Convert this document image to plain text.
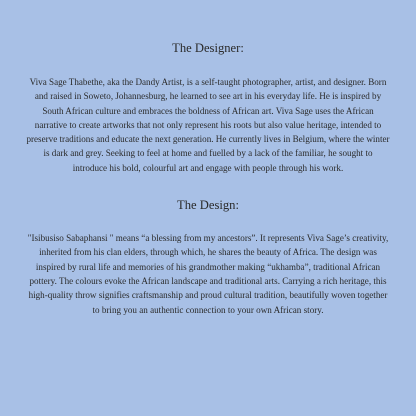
The Designer:

Viva Sage Thabethe, aka the Dandy Artist, is a self-taught photographer, artist, and designer. Born and raised in Soweto, Johannesburg, he learned to see art in his everyday life. He is inspired by South African culture and embraces the boldness of African art. Viva Sage uses the African narrative to create artworks that not only represent his roots but also value heritage, intended to preserve traditions and educate the next generation. He currently lives in Belgium, where the winter is dark and grey. Seeking to feel at home and fuelled by a lack of the familiar, he sought to introduce his bold, colourful art and engage with people through his work.

The Design:

"Isibusiso Sabaphansi " means “a blessing from my ancestors”. It represents Viva Sage’s creativity, inherited from his clan elders, through which, he shares the beauty of Africa. The design was inspired by rural life and memories of his grandmother making “ukhamba”, traditional African pottery. The colours evoke the African landscape and traditional arts. Carrying a rich heritage, this high-quality throw signifies craftsmanship and proud cultural tradition, beautifully woven together to bring you an authentic connection to your own African story.
